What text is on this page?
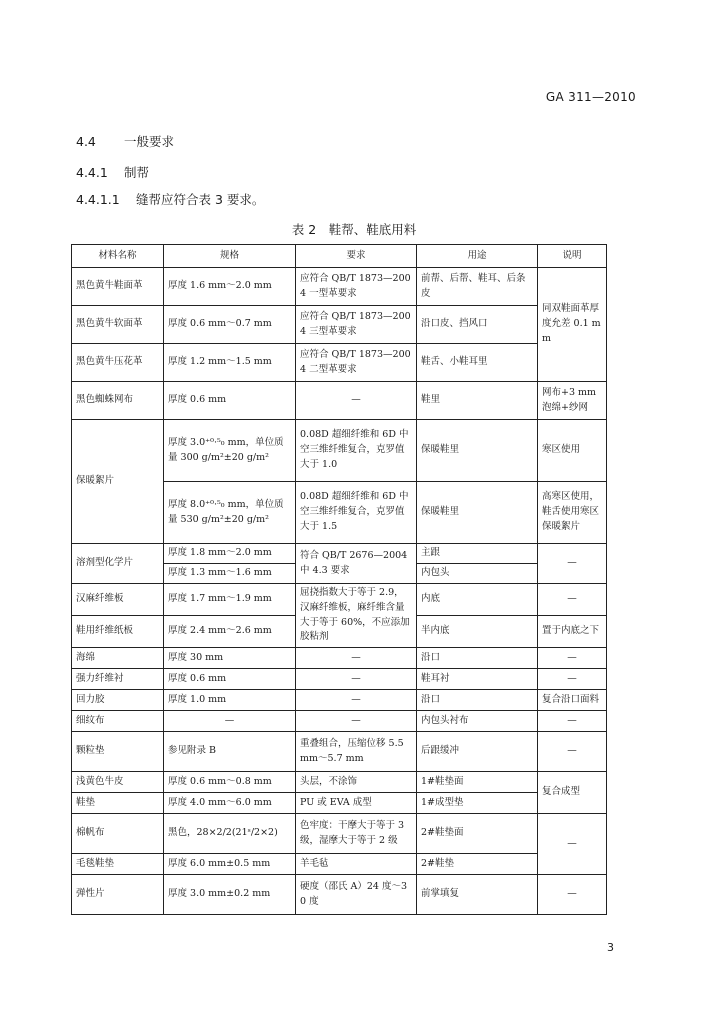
GA 311—2010
4.4 一般要求
4.4.1 制帮
4.4.1.1 缝帮应符合表 3 要求。
表 2　鞋帮、鞋底用料
材料名称	规格	要求	用途	说明
黑色黄牛鞋面革	厚度 1.6 mm～2.0 mm	应符合 QB/T 1873—2004 一型革要求	前帮、后帮、鞋耳、后条皮	同双鞋面革厚度允差 0.1 mm
黑色黄牛软面革	厚度 0.6 mm～0.7 mm	应符合 QB/T 1873—2004 三型革要求	沿口皮、挡风口	
黑色黄牛压花革	厚度 1.2 mm～1.5 mm	应符合 QB/T 1873—2004 二型革要求	鞋舌、小鞋耳里	
黑色蜘蛛网布	厚度 0.6 mm	—	鞋里	网布+3 mm 泡绵+纱网
保暖絮片	厚度 3.0⁺⁰·⁵₀ mm，单位质量 300 g/m²±20 g/m²	0.08D 超细纤维和 6D 中空三维纤维复合，克罗值大于 1.0	保暖鞋里	寒区使用
	厚度 8.0⁺⁰·⁵₀ mm，单位质量 530 g/m²±20 g/m²	0.08D 超细纤维和 6D 中空三维纤维复合，克罗值大于 1.5	保暖鞋里	高寒区使用，鞋舌使用寒区保暖絮片
溶剂型化学片	厚度 1.8 mm～2.0 mm	符合 QB/T 2676—2004 中 4.3 要求	主跟	—
	厚度 1.3 mm～1.6 mm		内包头	
汉麻纤维板	厚度 1.7 mm～1.9 mm	屈挠指数大于等于 2.9，汉麻纤维板，麻纤维含量大于等于 60%，不应添加胶粘剂	内底	—
鞋用纤维纸板	厚度 2.4 mm～2.6 mm		半内底	置于内底之下
海绵	厚度 30 mm	—	沿口	—
强力纤维衬	厚度 0.6 mm	—	鞋耳衬	—
回力胶	厚度 1.0 mm	—	沿口	复合沿口面料
细纹布	—	—	内包头衬布	—
颗粒垫	参见附录 B	重叠组合，压缩位移 5.5 mm～5.7 mm	后跟缓冲	—
浅黄色牛皮	厚度 0.6 mm～0.8 mm	头层，不涂饰	1#鞋垫面	复合成型
鞋垫	厚度 4.0 mm～6.0 mm	PU 或 EVA 成型	1#成型垫	
棉帆布	黑色，28×2/2(21ˢ/2×2)	色牢度：干摩大于等于 3 级，湿摩大于等于 2 级	2#鞋垫面	—
毛毯鞋垫	厚度 6.0 mm±0.5 mm	羊毛毡	2#鞋垫	
弹性片	厚度 3.0 mm±0.2 mm	硬度（邵氏 A）24 度～30 度	前掌填复	—
3
